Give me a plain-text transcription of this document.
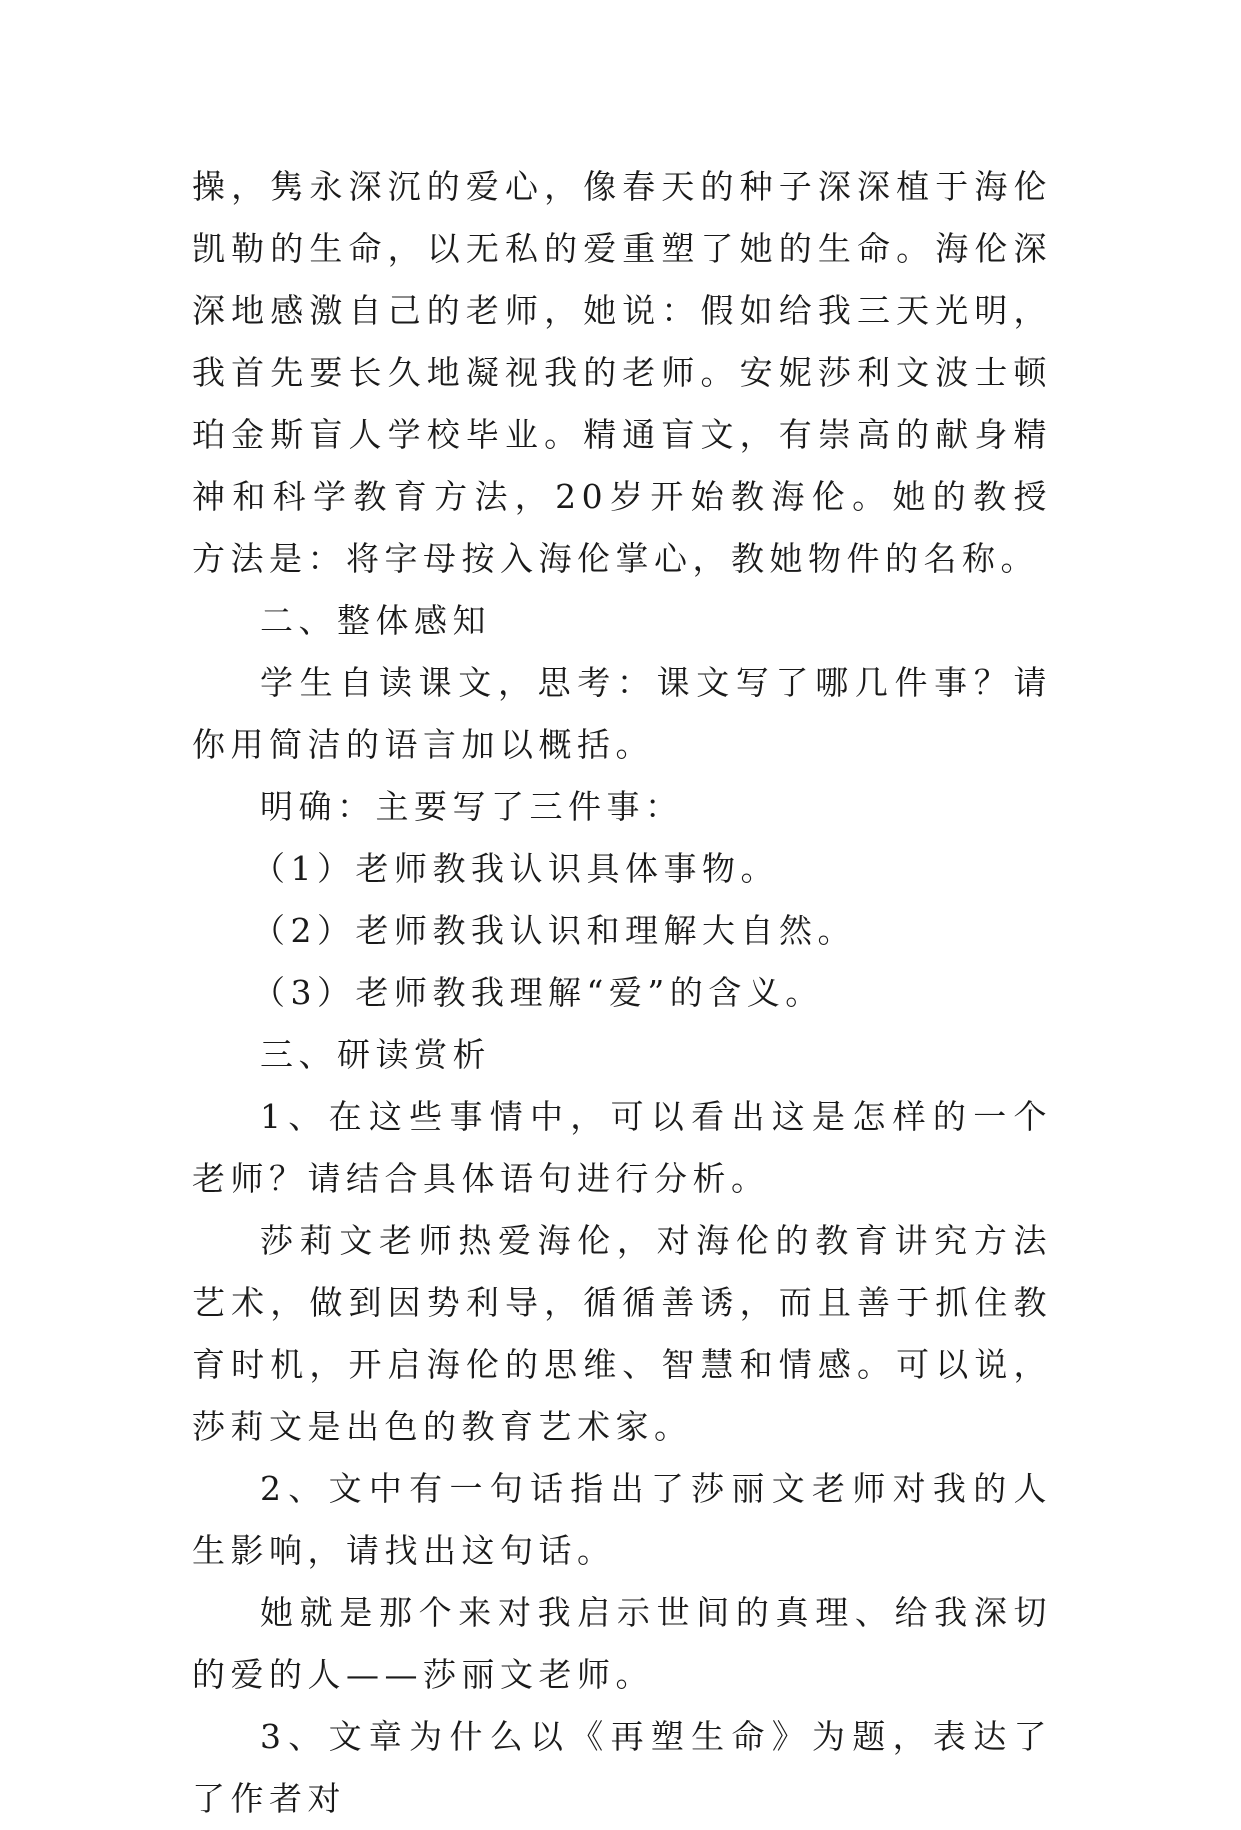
操，隽永深沉的爱心，像春天的种子深深植于海伦凯勒的生命，以无私的爱重塑了她的生命。海伦深深地感激自己的老师，她说：假如给我三天光明，我首先要长久地凝视我的老师。安妮莎利文波士顿珀金斯盲人学校毕业。精通盲文，有崇高的献身精神和科学教育方法，20岁开始教海伦。她的教授方法是：将字母按入海伦掌心，教她物件的名称。

二、整体感知

学生自读课文，思考：课文写了哪几件事？请你用简洁的语言加以概括。

明确：主要写了三件事：

（1）老师教我认识具体事物。

（2）老师教我认识和理解大自然。

（3）老师教我理解“爱”的含义。

三、研读赏析

1、在这些事情中，可以看出这是怎样的一个老师？请结合具体语句进行分析。

莎莉文老师热爱海伦，对海伦的教育讲究方法艺术，做到因势利导，循循善诱，而且善于抓住教育时机，开启海伦的思维、智慧和情感。可以说，莎莉文是出色的教育艺术家。

2、文中有一句话指出了莎丽文老师对我的人生影响，请找出这句话。

她就是那个来对我启示世间的真理、给我深切的爱的人——莎丽文老师。

3、文章为什么以《再塑生命》为题，表达了了作者对
